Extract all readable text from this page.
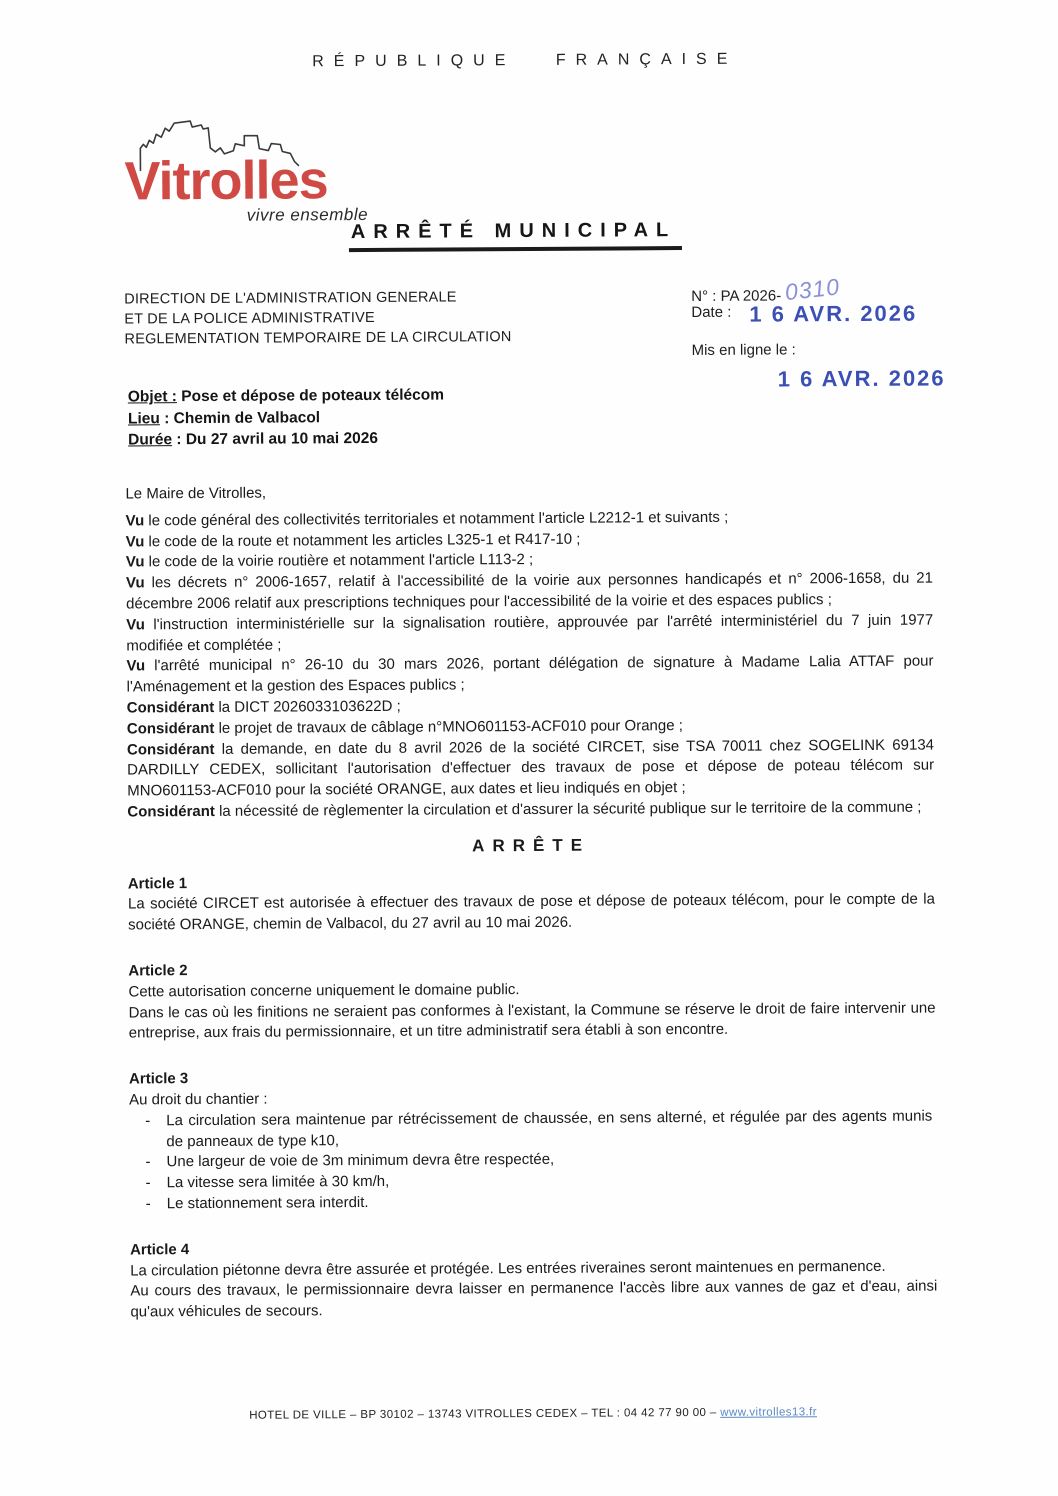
RÉPUBLIQUE FRANÇAISE
Vitrolles
vivre ensemble
ARRÊTÉ MUNICIPAL
DIRECTION DE L'ADMINISTRATION GENERALE
ET DE LA POLICE ADMINISTRATIVE
REGLEMENTATION TEMPORAIRE DE LA CIRCULATION
N° : PA 2026- 0310
Date : 1 6 AVR. 2026
Mis en ligne le :
1 6 AVR. 2026
Objet : Pose et dépose de poteaux télécom
Lieu : Chemin de Valbacol
Durée : Du 27 avril au 10 mai 2026
Le Maire de Vitrolles,
Vu le code général des collectivités territoriales et notamment l'article L2212-1 et suivants ;
Vu le code de la route et notamment les articles L325-1 et R417-10 ;
Vu le code de la voirie routière et notamment l'article L113-2 ;
Vu les décrets n° 2006-1657, relatif à l'accessibilité de la voirie aux personnes handicapés et n° 2006-1658, du 21 décembre 2006 relatif aux prescriptions techniques pour l'accessibilité de la voirie et des espaces publics ;
Vu l'instruction interministérielle sur la signalisation routière, approuvée par l'arrêté interministériel du 7 juin 1977 modifiée et complétée ;
Vu l'arrêté municipal n° 26-10 du 30 mars 2026, portant délégation de signature à Madame Lalia ATTAF pour l'Aménagement et la gestion des Espaces publics ;
Considérant la DICT 2026033103622D ;
Considérant le projet de travaux de câblage n°MNO601153-ACF010 pour Orange ;
Considérant la demande, en date du 8 avril 2026 de la société CIRCET, sise TSA 70011 chez SOGELINK 69134 DARDILLY CEDEX, sollicitant l'autorisation d'effectuer des travaux de pose et dépose de poteau télécom sur MNO601153-ACF010 pour la société ORANGE, aux dates et lieu indiqués en objet ;
Considérant la nécessité de règlementer la circulation et d'assurer la sécurité publique sur le territoire de la commune ;
ARRÊTE
Article 1
La société CIRCET est autorisée à effectuer des travaux de pose et dépose de poteaux télécom, pour le compte de la société ORANGE, chemin de Valbacol, du 27 avril au 10 mai 2026.
Article 2
Cette autorisation concerne uniquement le domaine public.
Dans le cas où les finitions ne seraient pas conformes à l'existant, la Commune se réserve le droit de faire intervenir une entreprise, aux frais du permissionnaire, et un titre administratif sera établi à son encontre.
Article 3
Au droit du chantier :
-	La circulation sera maintenue par rétrécissement de chaussée, en sens alterné, et régulée par des agents munis de panneaux de type k10,
-	Une largeur de voie de 3m minimum devra être respectée,
-	La vitesse sera limitée à 30 km/h,
-	Le stationnement sera interdit.
Article 4
La circulation piétonne devra être assurée et protégée. Les entrées riveraines seront maintenues en permanence.
Au cours des travaux, le permissionnaire devra laisser en permanence l'accès libre aux vannes de gaz et d'eau, ainsi qu'aux véhicules de secours.
HOTEL DE VILLE – BP 30102 – 13743 VITROLLES CEDEX – TEL : 04 42 77 90 00 – www.vitrolles13.fr
